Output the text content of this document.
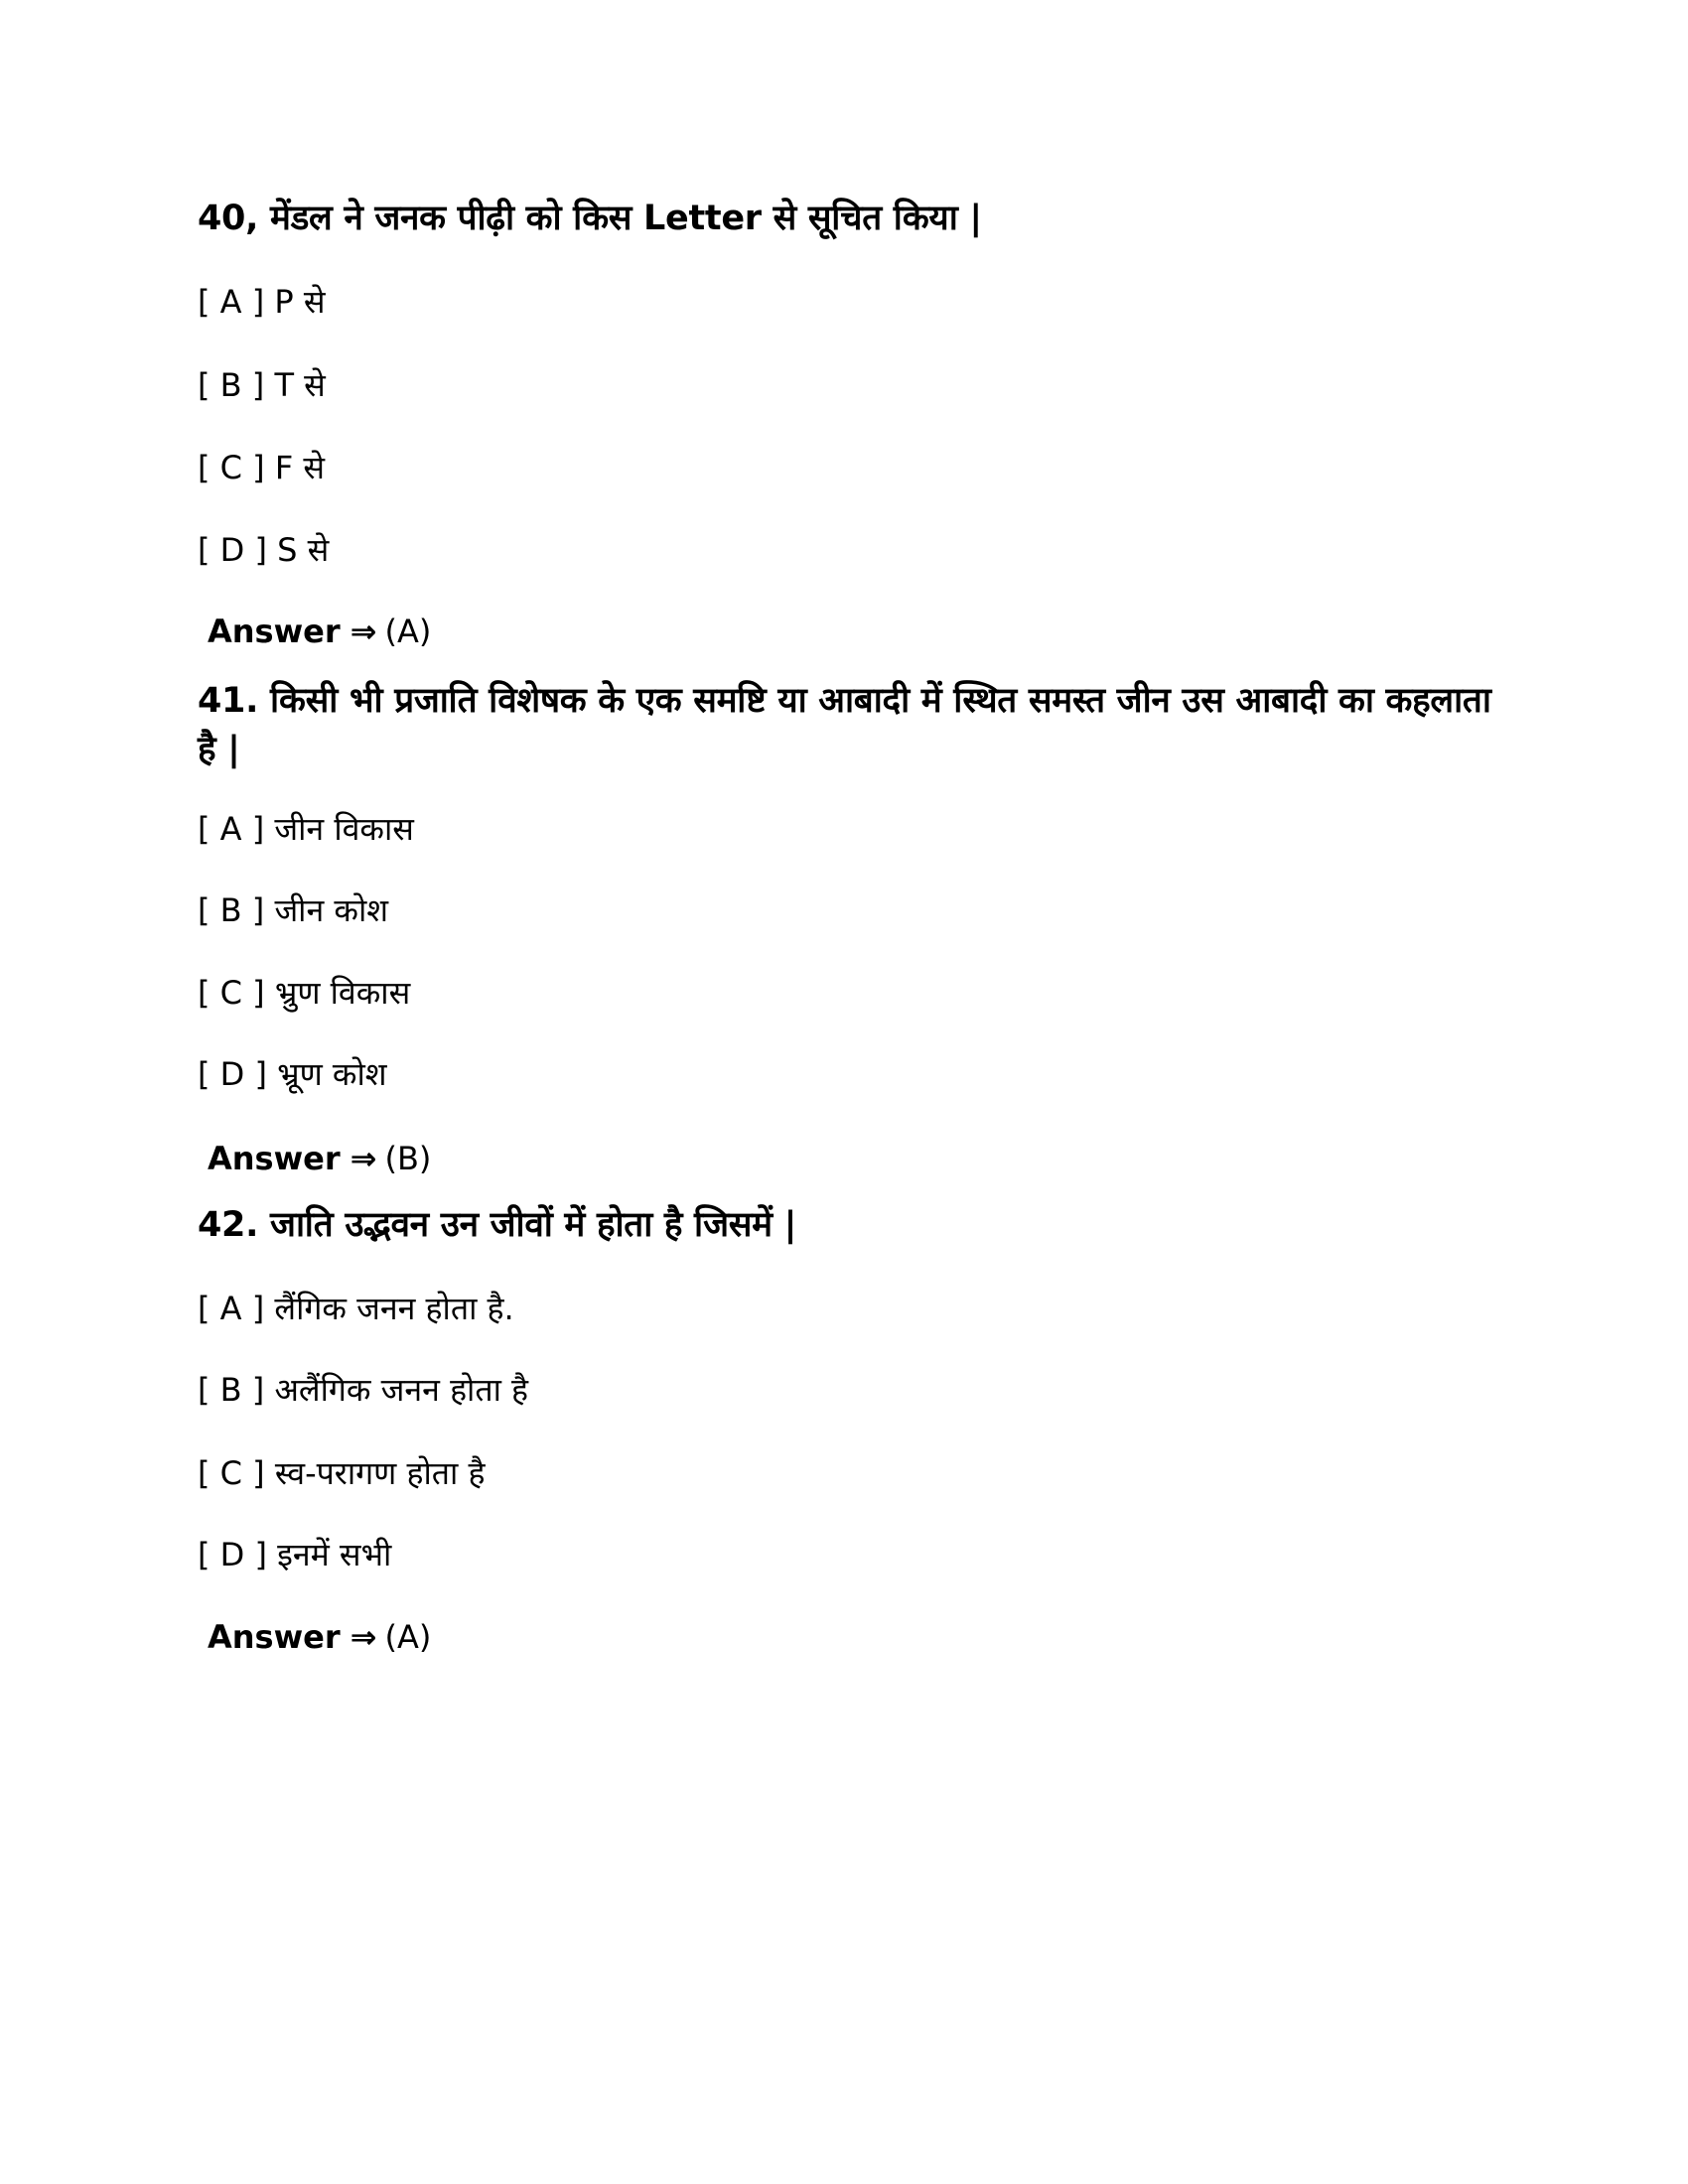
40, मेंडल ने जनक पीढ़ी को किस Letter से सूचित किया |
[ A ] P से
[ B ] T से
[ C ] F से
[ D ] S से
Answer ⇒ (A)
41. किसी भी प्रजाति विशेषक के एक समष्टि या आबादी में स्थित समस्त जीन उस आबादी का कहलाता है |
[ A ] जीन विकास
[ B ] जीन कोश
[ C ] भ्रुण विकास
[ D ] भ्रूण कोश
Answer ⇒ (B)
42. जाति उद्भवन उन जीवों में होता है जिसमें |
[ A ] लैंगिक जनन होता है.
[ B ] अलैंगिक जनन होता है
[ C ] स्व-परागण होता है
[ D ] इनमें सभी
Answer ⇒ (A)
